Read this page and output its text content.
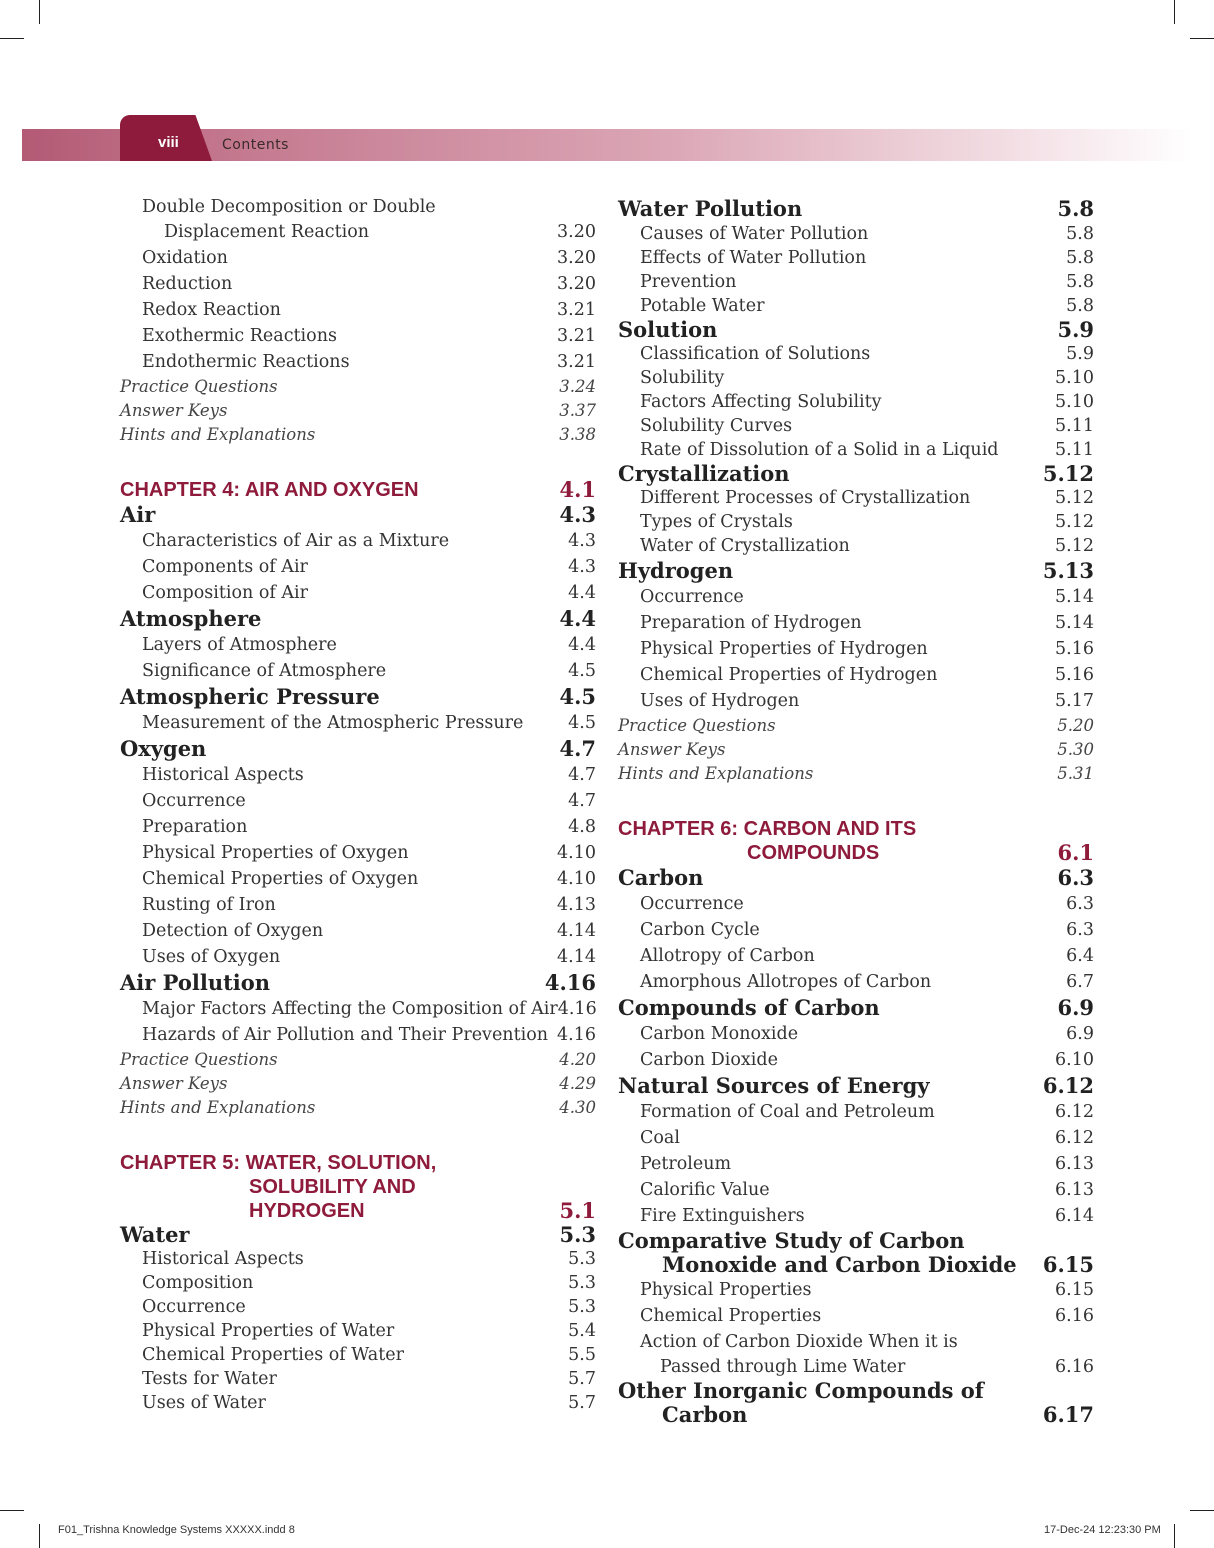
viii	Contents
Double Decomposition or Double
Displacement Reaction	3.20
Oxidation	3.20
Reduction	3.20
Redox Reaction	3.21
Exothermic Reactions	3.21
Endothermic Reactions	3.21
Practice Questions	3.24
Answer Keys	3.37
Hints and Explanations	3.38
CHAPTER 4: AIR AND OXYGEN	4.1
Air	4.3
Characteristics of Air as a Mixture	4.3
Components of Air	4.3
Composition of Air	4.4
Atmosphere	4.4
Layers of Atmosphere	4.4
Significance of Atmosphere	4.5
Atmospheric Pressure	4.5
Measurement of the Atmospheric Pressure	4.5
Oxygen	4.7
Historical Aspects	4.7
Occurrence	4.7
Preparation	4.8
Physical Properties of Oxygen	4.10
Chemical Properties of Oxygen	4.10
Rusting of Iron	4.13
Detection of Oxygen	4.14
Uses of Oxygen	4.14
Air Pollution	4.16
Major Factors Affecting the Composition of Air 4.16
Hazards of Air Pollution and Their Prevention 4.16
Practice Questions	4.20
Answer Keys	4.29
Hints and Explanations	4.30
CHAPTER 5: WATER, SOLUTION,
SOLUBILITY AND
HYDROGEN	5.1
Water	5.3
Historical Aspects	5.3
Composition	5.3
Occurrence	5.3
Physical Properties of Water	5.4
Chemical Properties of Water	5.5
Tests for Water	5.7
Uses of Water	5.7
Water Pollution	5.8
Causes of Water Pollution	5.8
Effects of Water Pollution	5.8
Prevention	5.8
Potable Water	5.8
Solution	5.9
Classification of Solutions	5.9
Solubility	5.10
Factors Affecting Solubility	5.10
Solubility Curves	5.11
Rate of Dissolution of a Solid in a Liquid	5.11
Crystallization	5.12
Different Processes of Crystallization	5.12
Types of Crystals	5.12
Water of Crystallization	5.12
Hydrogen	5.13
Occurrence	5.14
Preparation of Hydrogen	5.14
Physical Properties of Hydrogen	5.16
Chemical Properties of Hydrogen	5.16
Uses of Hydrogen	5.17
Practice Questions	5.20
Answer Keys	5.30
Hints and Explanations	5.31
CHAPTER 6: CARBON AND ITS
COMPOUNDS	6.1
Carbon	6.3
Occurrence	6.3
Carbon Cycle	6.3
Allotropy of Carbon	6.4
Amorphous Allotropes of Carbon	6.7
Compounds of Carbon	6.9
Carbon Monoxide	6.9
Carbon Dioxide	6.10
Natural Sources of Energy	6.12
Formation of Coal and Petroleum	6.12
Coal	6.12
Petroleum	6.13
Calorific Value	6.13
Fire Extinguishers	6.14
Comparative Study of Carbon
Monoxide and Carbon Dioxide 6.15
Physical Properties	6.15
Chemical Properties	6.16
Action of Carbon Dioxide When it is
Passed through Lime Water	6.16
Other Inorganic Compounds of
Carbon	6.17
F01_Trishna Knowledge Systems XXXXX.indd 8	17-Dec-24 12:23:30 PM
